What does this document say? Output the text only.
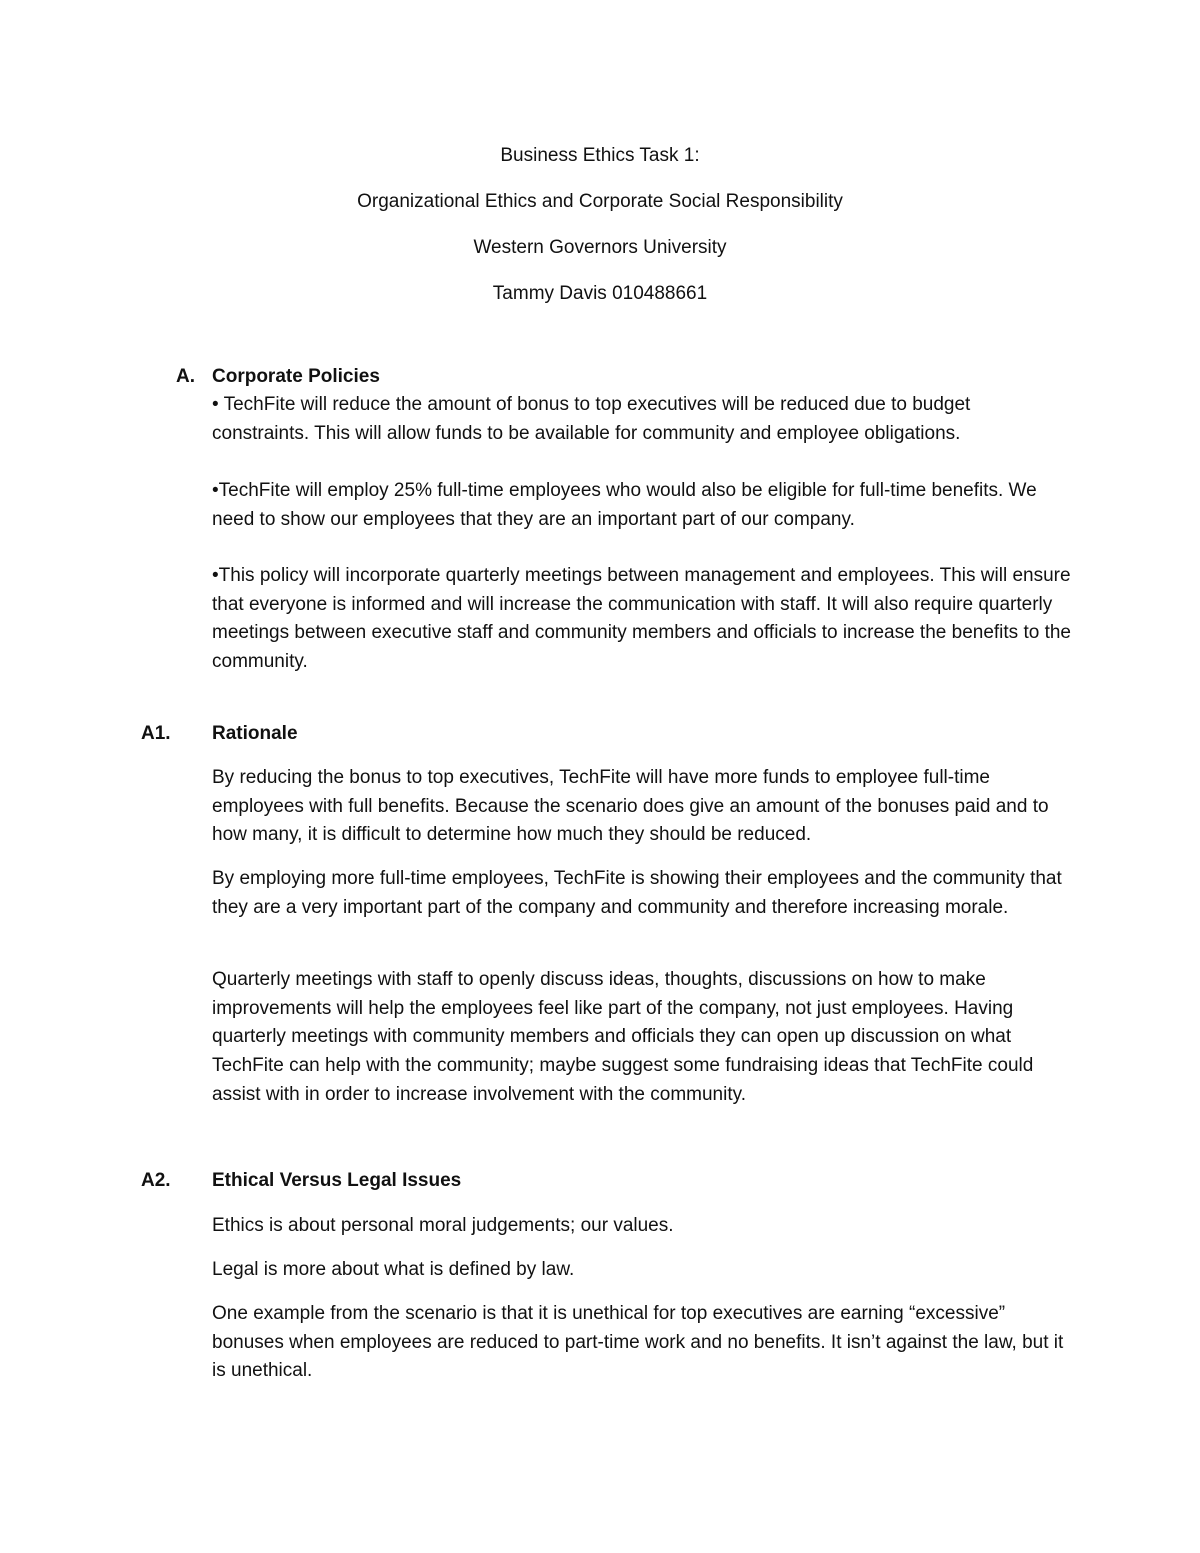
Business Ethics Task 1:
Organizational Ethics and Corporate Social Responsibility
Western Governors University
Tammy Davis 010488661
A. Corporate Policies

• TechFite will reduce the amount of bonus to top executives will be reduced due to budget constraints. This will allow funds to be available for community and employee obligations.

•TechFite will employ 25% full-time employees who would also be eligible for full-time benefits. We need to show our employees that they are an important part of our company.

•This policy will incorporate quarterly meetings between management and employees. This will ensure that everyone is informed and will increase the communication with staff. It will also require quarterly meetings between executive staff and community members and officials to increase the benefits to the community.

A1. Rationale

By reducing the bonus to top executives, TechFite will have more funds to employee full-time employees with full benefits. Because the scenario does give an amount of the bonuses paid and to how many, it is difficult to determine how much they should be reduced.

By employing more full-time employees, TechFite is showing their employees and the community that they are a very important part of the company and community and therefore increasing morale.

Quarterly meetings with staff to openly discuss ideas, thoughts, discussions on how to make improvements will help the employees feel like part of the company, not just employees. Having quarterly meetings with community members and officials they can open up discussion on what TechFite can help with the community; maybe suggest some fundraising ideas that TechFite could assist with in order to increase involvement with the community.

A2. Ethical Versus Legal Issues

Ethics is about personal moral judgements; our values.

Legal is more about what is defined by law.

One example from the scenario is that it is unethical for top executives are earning “excessive” bonuses when employees are reduced to part-time work and no benefits. It isn’t against the law, but it is unethical.
